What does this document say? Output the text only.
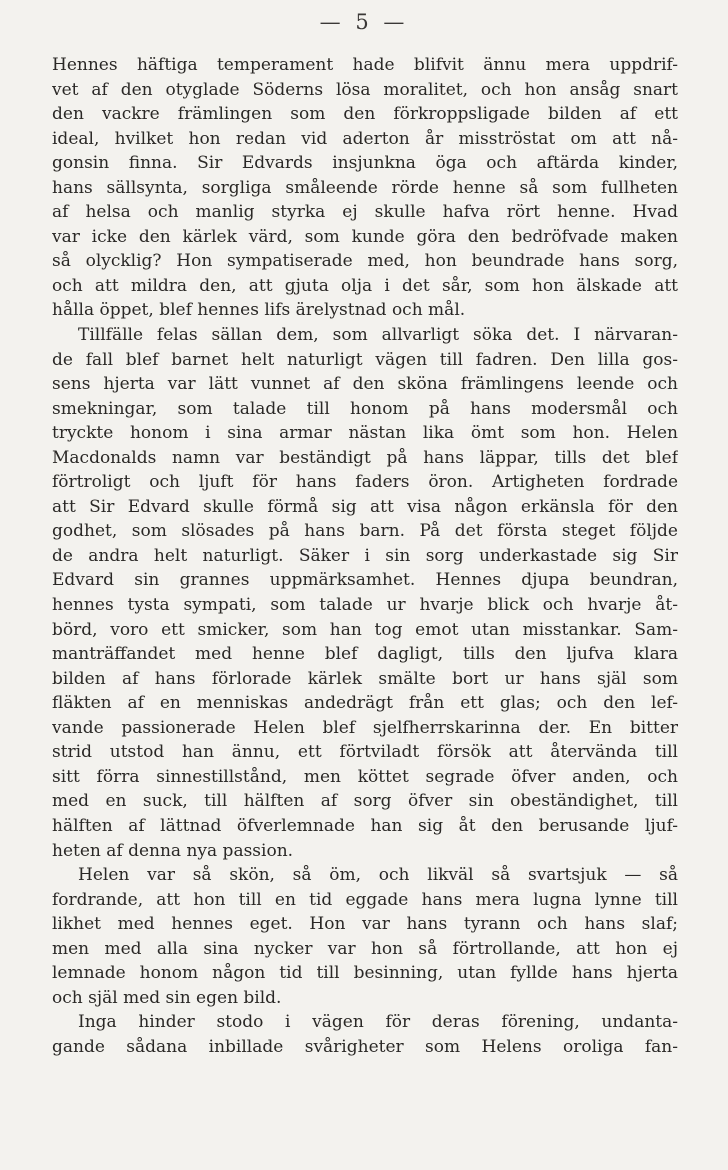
— 5 —
Hennes häftiga temperament hade blifvit ännu mera uppdrif-
vet af den otyglade Söderns lösa moralitet, och hon ansåg snart
den vackre främlingen som den förkroppsligade bilden af ett
ideal, hvilket hon redan vid aderton år misströstat om att nå-
gonsin finna. Sir Edvards insjunkna öga och aftärda kinder,
hans sällsynta, sorgliga småleende rörde henne så som fullheten
af helsa och manlig styrka ej skulle hafva rört henne. Hvad
var icke den kärlek värd, som kunde göra den bedröfvade maken
så olycklig? Hon sympatiserade med, hon beundrade hans sorg,
och att mildra den, att gjuta olja i det sår, som hon älskade att
hålla öppet, blef hennes lifs ärelystnad och mål.
Tillfälle felas sällan dem, som allvarligt söka det. I närvaran-
de fall blef barnet helt naturligt vägen till fadren. Den lilla gos-
sens hjerta var lätt vunnet af den sköna främlingens leende och
smekningar, som talade till honom på hans modersmål och
tryckte honom i sina armar nästan lika ömt som hon. Helen
Macdonalds namn var beständigt på hans läppar, tills det blef
förtroligt och ljuft för hans faders öron. Artigheten fordrade
att Sir Edvard skulle förmå sig att visa någon erkänsla för den
godhet, som slösades på hans barn. På det första steget följde
de andra helt naturligt. Säker i sin sorg underkastade sig Sir
Edvard sin grannes uppmärksamhet. Hennes djupa beundran,
hennes tysta sympati, som talade ur hvarje blick och hvarje åt-
börd, voro ett smicker, som han tog emot utan misstankar. Sam-
manträffandet med henne blef dagligt, tills den ljufva klara
bilden af hans förlorade kärlek smälte bort ur hans själ som
fläkten af en menniskas andedrägt från ett glas; och den lef-
vande passionerade Helen blef sjelfherrskarinna der. En bitter
strid utstod han ännu, ett förtviladt försök att återvända till
sitt förra sinnestillstånd, men köttet segrade öfver anden, och
med en suck, till hälften af sorg öfver sin obeständighet, till
hälften af lättnad öfverlemnade han sig åt den berusande ljuf-
heten af denna nya passion.
Helen var så skön, så öm, och likväl så svartsjuk — så
fordrande, att hon till en tid eggade hans mera lugna lynne till
likhet med hennes eget. Hon var hans tyrann och hans slaf;
men med alla sina nycker var hon så förtrollande, att hon ej
lemnade honom någon tid till besinning, utan fyllde hans hjerta
och själ med sin egen bild.
Inga hinder stodo i vägen för deras förening, undanta-
gande sådana inbillade svårigheter som Helens oroliga fan-
